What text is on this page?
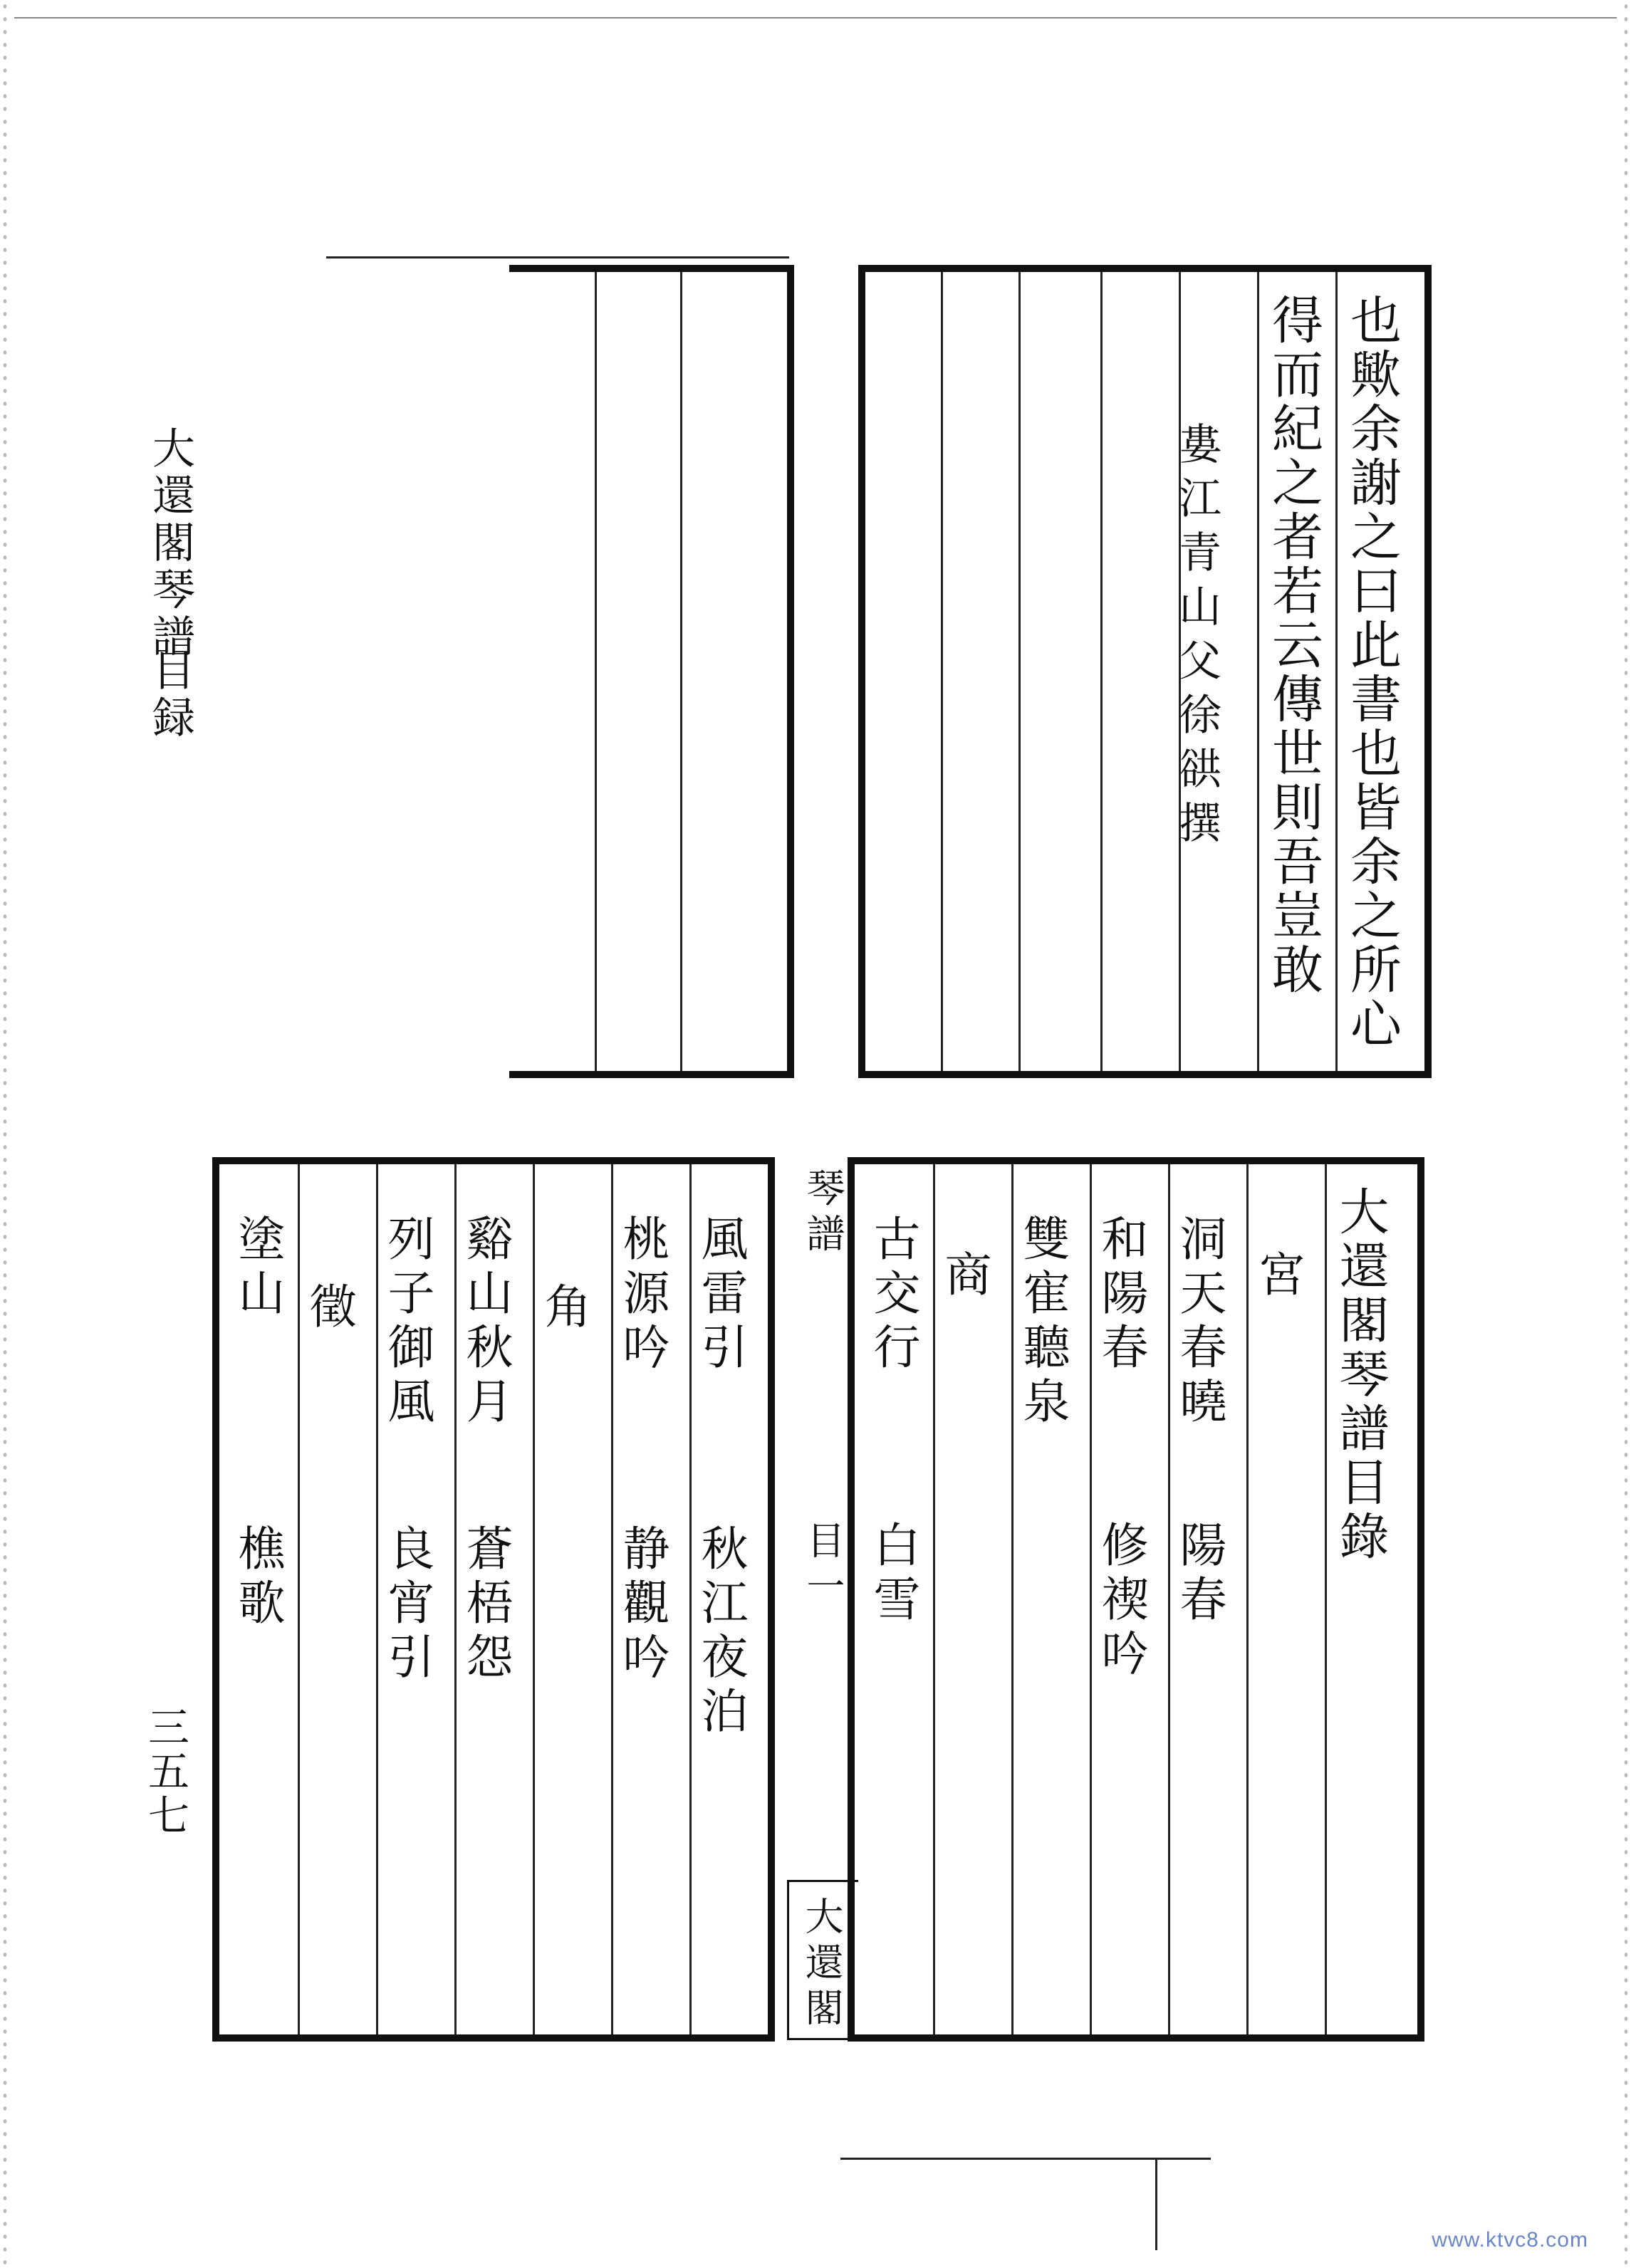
大還閣琴譜
目録
三五七
也歟余謝之曰此書也皆余之所心
得而紀之者若云傳世則吾豈敢
婁江青山父徐谼撰
風雷引
秋江夜泊
桃源吟
静觀吟
角
谿山秋月
蒼梧怨
列子御風
良宵引
徵
塗山
樵歌
琴譜
目一
大還閣
大還閣琴譜目錄
宮
洞天春曉
陽春
和陽春
修禊吟
雙寉聽泉
商
古交行
白雪
www.ktvc8.com
